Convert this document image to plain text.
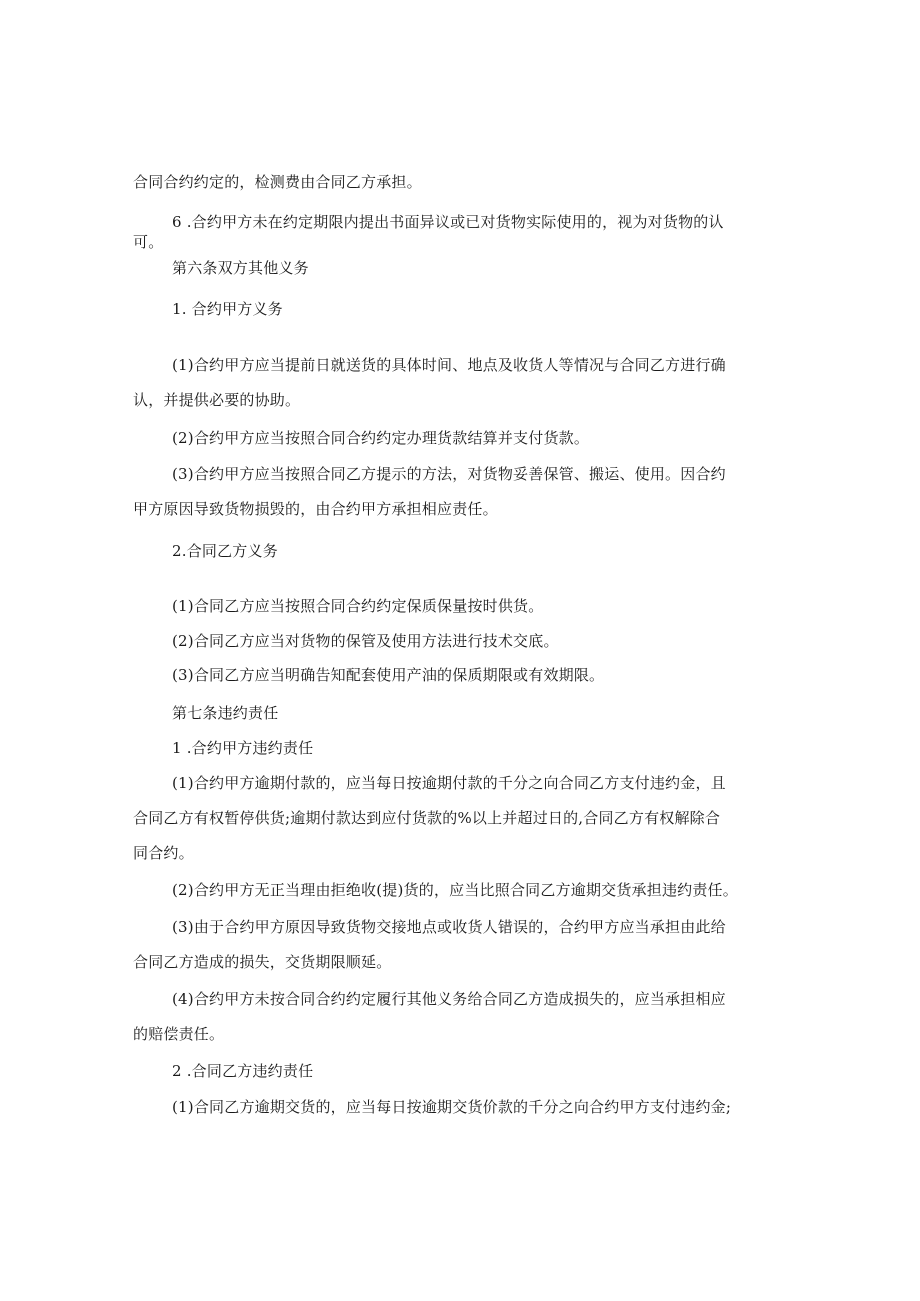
合同合约约定的，检测费由合同乙方承担。
6 .合约甲方未在约定期限内提出书面异议或已对货物实际使用的，视为对货物的认
可。
第六条双方其他义务
1. 合约甲方义务
(1)合约甲方应当提前日就送货的具体时间、地点及收货人等情况与合同乙方进行确
认，并提供必要的协助。
(2)合约甲方应当按照合同合约约定办理货款结算并支付货款。
(3)合约甲方应当按照合同乙方提示的方法，对货物妥善保管、搬运、使用。因合约
甲方原因导致货物损毁的，由合约甲方承担相应责任。
2.合同乙方义务
(1)合同乙方应当按照合同合约约定保质保量按时供货。
(2)合同乙方应当对货物的保管及使用方法进行技术交底。
(3)合同乙方应当明确告知配套使用产油的保质期限或有效期限。
第七条违约责任
1 .合约甲方违约责任
(1)合约甲方逾期付款的，应当每日按逾期付款的千分之向合同乙方支付违约金，且
合同乙方有权暂停供货;逾期付款达到应付货款的%以上并超过日的,合同乙方有权解除合
同合约。
(2)合约甲方无正当理由拒绝收(提)货的，应当比照合同乙方逾期交货承担违约责任。
(3)由于合约甲方原因导致货物交接地点或收货人错误的，合约甲方应当承担由此给
合同乙方造成的损失，交货期限顺延。
(4)合约甲方未按合同合约约定履行其他义务给合同乙方造成损失的，应当承担相应
的赔偿责任。
2 .合同乙方违约责任
(1)合同乙方逾期交货的，应当每日按逾期交货价款的千分之向合约甲方支付违约金;
